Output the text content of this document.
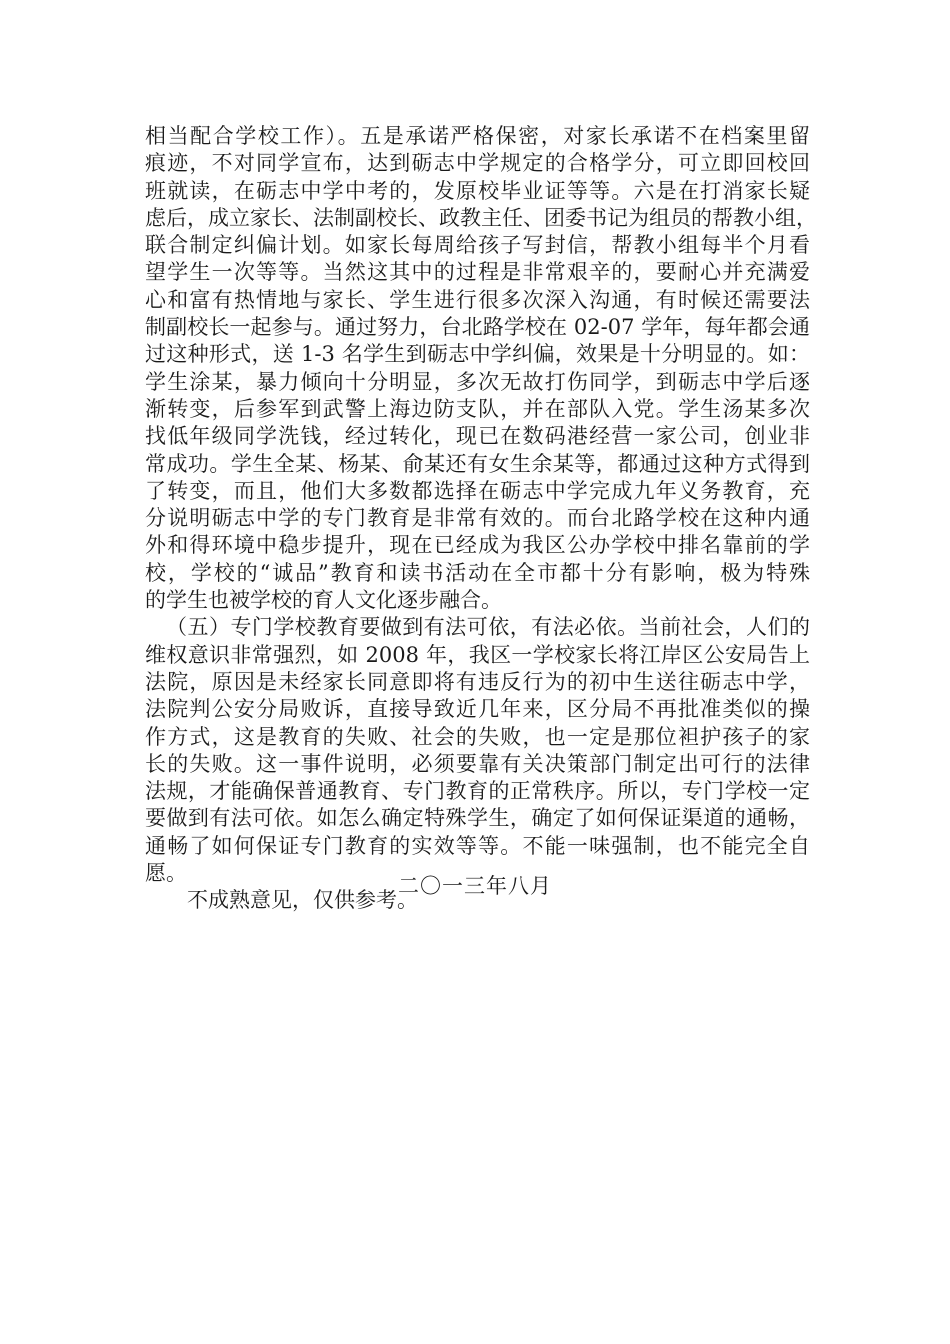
相当配合学校工作）。五是承诺严格保密，对家长承诺不在档案里留
痕迹，不对同学宣布，达到砺志中学规定的合格学分，可立即回校回
班就读，在砺志中学中考的，发原校毕业证等等。六是在打消家长疑
虑后，成立家长、法制副校长、政教主任、团委书记为组员的帮教小组，
联合制定纠偏计划。如家长每周给孩子写封信，帮教小组每半个月看
望学生一次等等。当然这其中的过程是非常艰辛的，要耐心并充满爱
心和富有热情地与家长、学生进行很多次深入沟通，有时候还需要法
制副校长一起参与。通过努力，台北路学校在 02-07 学年，每年都会通
过这种形式，送 1-3 名学生到砺志中学纠偏，效果是十分明显的。如：
学生涂某，暴力倾向十分明显，多次无故打伤同学，到砺志中学后逐
渐转变，后参军到武警上海边防支队，并在部队入党。学生汤某多次
找低年级同学洗钱，经过转化，现已在数码港经营一家公司，创业非
常成功。学生全某、杨某、俞某还有女生余某等，都通过这种方式得到
了转变，而且，他们大多数都选择在砺志中学完成九年义务教育，充
分说明砺志中学的专门教育是非常有效的。而台北路学校在这种内通
外和得环境中稳步提升，现在已经成为我区公办学校中排名靠前的学
校，学校的“诚品”教育和读书活动在全市都十分有影响，极为特殊
的学生也被学校的育人文化逐步融合。
（五）专门学校教育要做到有法可依，有法必依。当前社会，人们的
维权意识非常强烈，如 2008 年，我区一学校家长将江岸区公安局告上
法院，原因是未经家长同意即将有违反行为的初中生送往砺志中学，
法院判公安分局败诉，直接导致近几年来，区分局不再批准类似的操
作方式，这是教育的失败、社会的失败，也一定是那位袒护孩子的家
长的失败。这一事件说明，必须要靠有关决策部门制定出可行的法律
法规，才能确保普通教育、专门教育的正常秩序。所以，专门学校一定
要做到有法可依。如怎么确定特殊学生，确定了如何保证渠道的通畅，
通畅了如何保证专门教育的实效等等。不能一味强制，也不能完全自
愿。
不成熟意见，仅供参考。
二〇一三年八月
